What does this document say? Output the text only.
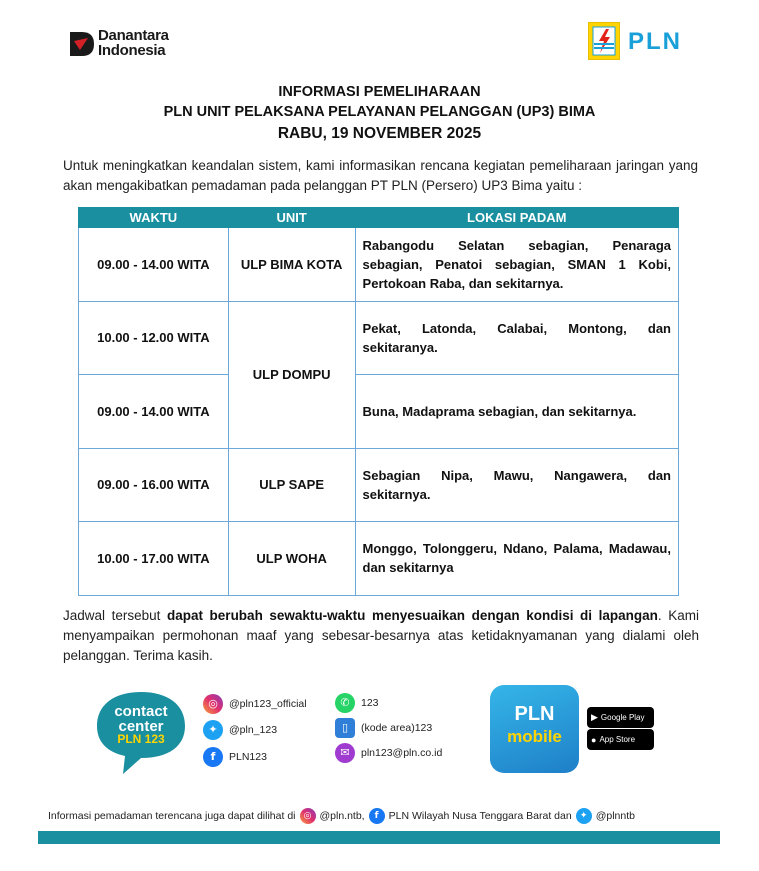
Danantara
Indonesia	PLN
INFORMASI PEMELIHARAAN
PLN UNIT PELAKSANA PELAYANAN PELANGGAN (UP3) BIMA
RABU, 19 NOVEMBER 2025

Untuk meningkatkan keandalan sistem, kami informasikan rencana kegiatan pemeliharaan jaringan yang akan mengakibatkan pemadaman pada pelanggan PT PLN (Persero) UP3 Bima yaitu :

WAKTU	UNIT	LOKASI PADAM
09.00 - 14.00 WITA	ULP BIMA KOTA	Rabangodu Selatan sebagian, Penaraga sebagian, Penatoi sebagian, SMAN 1 Kobi, Pertokoan Raba, dan sekitarnya.
10.00 - 12.00 WITA	ULP DOMPU	Pekat, Latonda, Calabai, Montong, dan sekitaranya.
09.00 - 14.00 WITA		Buna, Madaprama sebagian, dan sekitarnya.
09.00 - 16.00 WITA	ULP SAPE	Sebagian Nipa, Mawu, Nangawera, dan sekitarnya.
10.00 - 17.00 WITA	ULP WOHA	Monggo, Tolonggeru, Ndano, Palama, Madawau, dan sekitarnya

Jadwal tersebut dapat berubah sewaktu-waktu menyesuaikan dengan kondisi di lapangan. Kami menyampaikan permohonan maaf yang sebesar-besarnya atas ketidaknyamanan yang dialami oleh pelanggan. Terima kasih.

contact
center
PLN 123
◎	@pln123_official
✦	@pln_123
f	PLN123
✆	123
▯	(kode area)123
✉	pln123@pln.co.id
PLN
mobile
▶ Google Play
● App Store
Informasi pemadaman terencana juga dapat dilihat di ◎ @pln.ntb,	f PLN Wilayah Nusa Tenggara Barat dan ✦ @plnntb
